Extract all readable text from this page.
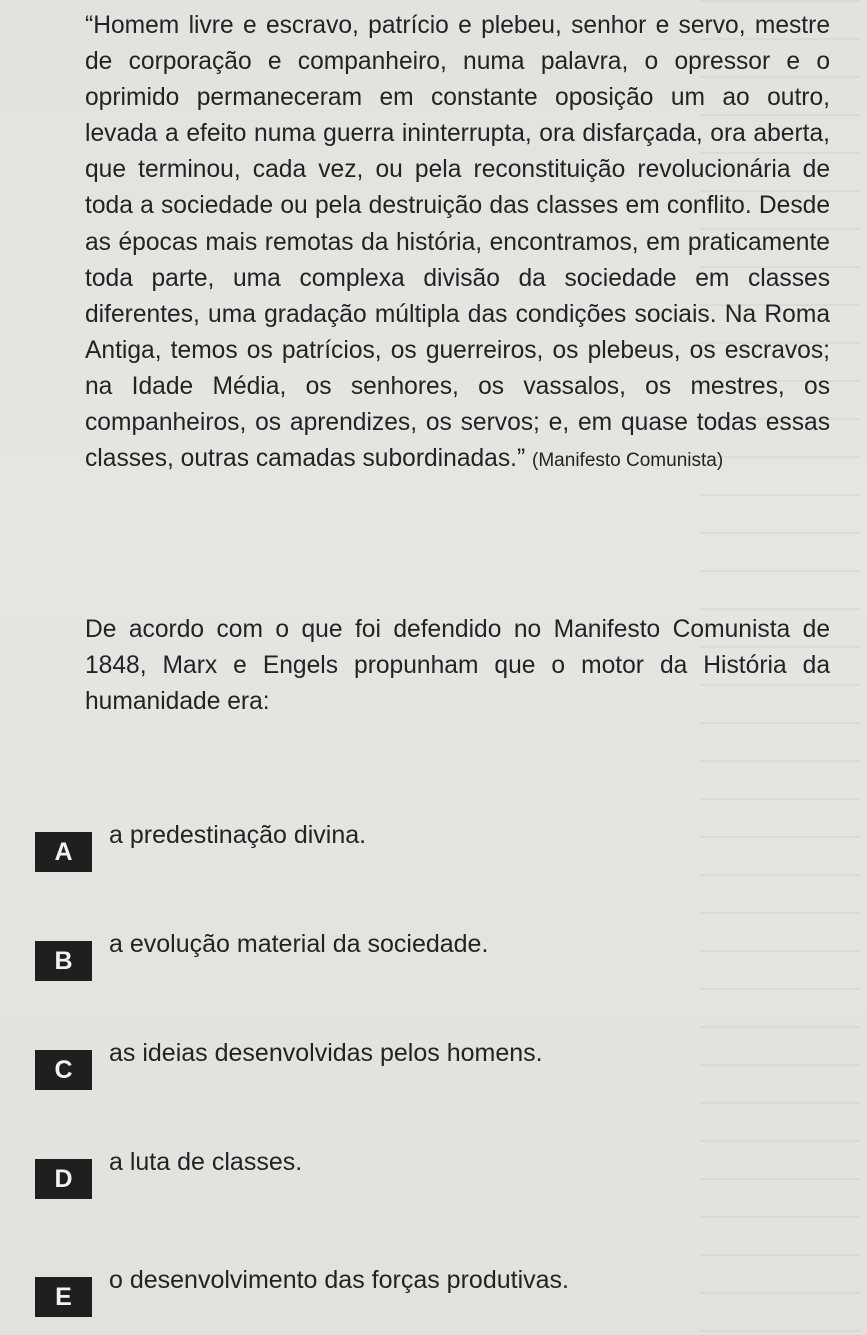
“Homem livre e escravo, patrício e plebeu, senhor e servo, mestre de corporação e companheiro, numa palavra, o opressor e o oprimido permaneceram em constante oposição um ao outro, levada a efeito numa guerra ininterrupta, ora disfarçada, ora aberta, que terminou, cada vez, ou pela reconstituição revolucionária de toda a sociedade ou pela destruição das classes em conflito. Desde as épocas mais remotas da história, encontramos, em praticamente toda parte, uma complexa divisão da sociedade em classes diferentes, uma gradação múltipla das condições sociais. Na Roma Antiga, temos os patrícios, os guerreiros, os plebeus, os escravos; na Idade Média, os senhores, os vassalos, os mestres, os companheiros, os aprendizes, os servos; e, em quase todas essas classes, outras camadas subordinadas.” (Manifesto Comunista)

De acordo com o que foi defendido no Manifesto Comunista de 1848, Marx e Engels propunham que o motor da História da humanidade era:

A
a predestinação divina.
B
a evolução material da sociedade.
C
as ideias desenvolvidas pelos homens.
D
a luta de classes.
E
o desenvolvimento das forças produtivas.
